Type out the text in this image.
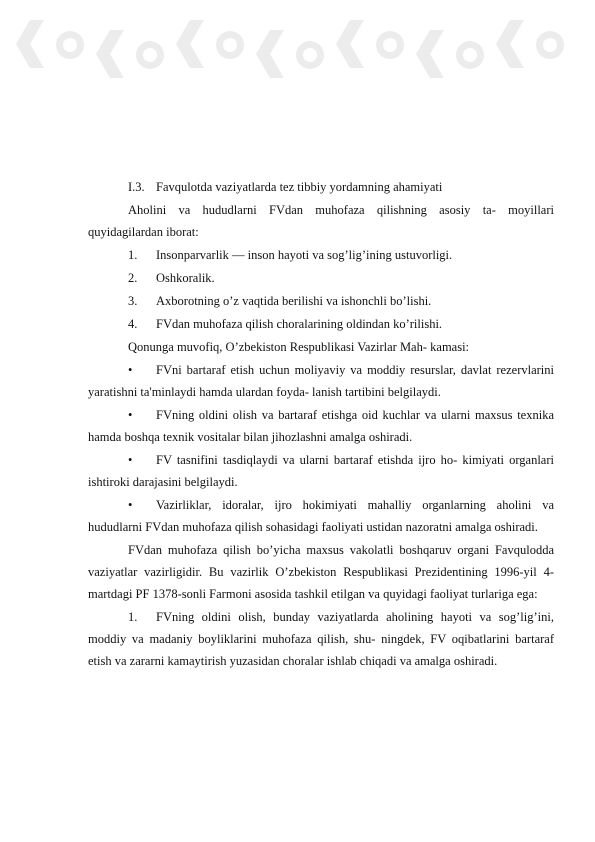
I.3. Favqulotda vaziyatlarda tez tibbiy yordamning ahamiyati

Aholini va hududlarni FVdan muhofaza qilishning asosiy ta- moyillari quyidagilardan iborat:

1.	Insonparvarlik — inson hayoti va sog’lig’ining ustuvorligi.
2.	Oshkoralik.
3.	Axborotning o’z vaqtida berilishi va ishonchli bo’lishi.
4.	FVdan muhofaza qilish choralarining oldindan ko’rilishi.

Qonunga muvofiq, O’zbekiston Respublikasi Vazirlar Mah- kamasi:

• FVni bartaraf etish uchun moliyaviy va moddiy resurslar, davlat rezervlarini yaratishni ta'minlaydi hamda ulardan foyda- lanish tartibini belgilaydi.

• FVning oldini olish va bartaraf etishga oid kuchlar va ularni maxsus texnika hamda boshqa texnik vositalar bilan jihozlashni amalga oshiradi.

• FV tasnifini tasdiqlaydi va ularni bartaraf etishda ijro ho- kimiyati organlari ishtiroki darajasini belgilaydi.

• Vazirliklar, idoralar, ijro hokimiyati mahalliy organlarning aholini va hududlarni FVdan muhofaza qilish sohasidagi faoliyati ustidan nazoratni amalga oshiradi.

FVdan muhofaza qilish bo’yicha maxsus vakolatli boshqaruv organi Favqulodda vaziyatlar vazirligidir. Bu vazirlik O’zbekiston Respublikasi Prezidentining 1996-yil 4-martdagi PF 1378-sonli Farmoni asosida tashkil etilgan va quyidagi faoliyat turlariga ega:

1. FVning oldini olish, bunday vaziyatlarda aholining hayoti va sog’lig’ini, moddiy va madaniy boyliklarini muhofaza qilish, shu- ningdek, FV oqibatlarini bartaraf etish va zararni kamaytirish yuzasidan choralar ishlab chiqadi va amalga oshiradi.
